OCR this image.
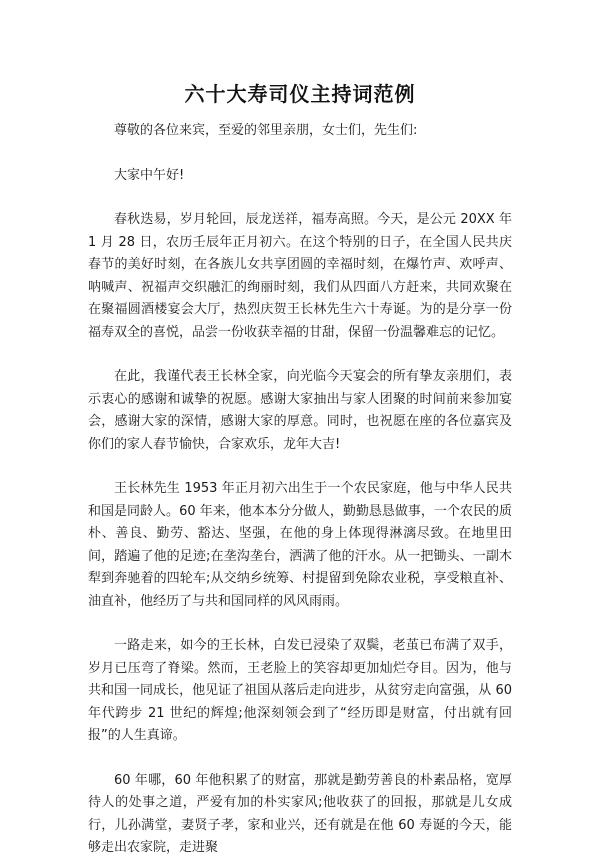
六十大寿司仪主持词范例

尊敬的各位来宾，至爱的邻里亲朋，女士们，先生们:

大家中午好!

春秋迭易，岁月轮回，辰龙送祥，福寿高照。今天，是公元 20XX 年 1 月 28 日，农历壬辰年正月初六。在这个特别的日子，在全国人民共庆春节的美好时刻，在各族儿女共享团圆的幸福时刻，在爆竹声、欢呼声、呐喊声、祝福声交织融汇的绚丽时刻，我们从四面八方赶来，共同欢聚在在聚福圆酒楼宴会大厅，热烈庆贺王长林先生六十寿诞。为的是分享一份福寿双全的喜悦，品尝一份收获幸福的甘甜，保留一份温馨难忘的记忆。

在此，我谨代表王长林全家，向光临今天宴会的所有挚友亲朋们，表示衷心的感谢和诚挚的祝愿。感谢大家抽出与家人团聚的时间前来参加宴会，感谢大家的深情，感谢大家的厚意。同时，也祝愿在座的各位嘉宾及你们的家人春节愉快，合家欢乐，龙年大吉!

王长林先生 1953 年正月初六出生于一个农民家庭，他与中华人民共和国是同龄人。60 年来，他本本分分做人，勤勤恳恳做事，一个农民的质朴、善良、勤劳、豁达、坚强，在他的身上体现得淋漓尽致。在地里田间，踏遍了他的足迹;在垄沟垄台，洒满了他的汗水。从一把锄头、一副木犁到奔驰着的四轮车;从交纳乡统筹、村提留到免除农业税，享受粮直补、油直补，他经历了与共和国同样的风风雨雨。

一路走来，如今的王长林，白发已浸染了双鬓，老茧已布满了双手，岁月已压弯了脊梁。然而，王老脸上的笑容却更加灿烂夺目。因为，他与共和国一同成长，他见证了祖国从落后走向进步，从贫穷走向富强，从 60 年代跨步 21 世纪的辉煌;他深刻领会到了“经历即是财富，付出就有回报”的人生真谛。

60 年哪，60 年他积累了的财富，那就是勤劳善良的朴素品格，宽厚待人的处事之道，严爱有加的朴实家风;他收获了的回报，那就是儿女成行，儿孙满堂，妻贤子孝，家和业兴，还有就是在他 60 寿诞的今天，能够走出农家院，走进聚
